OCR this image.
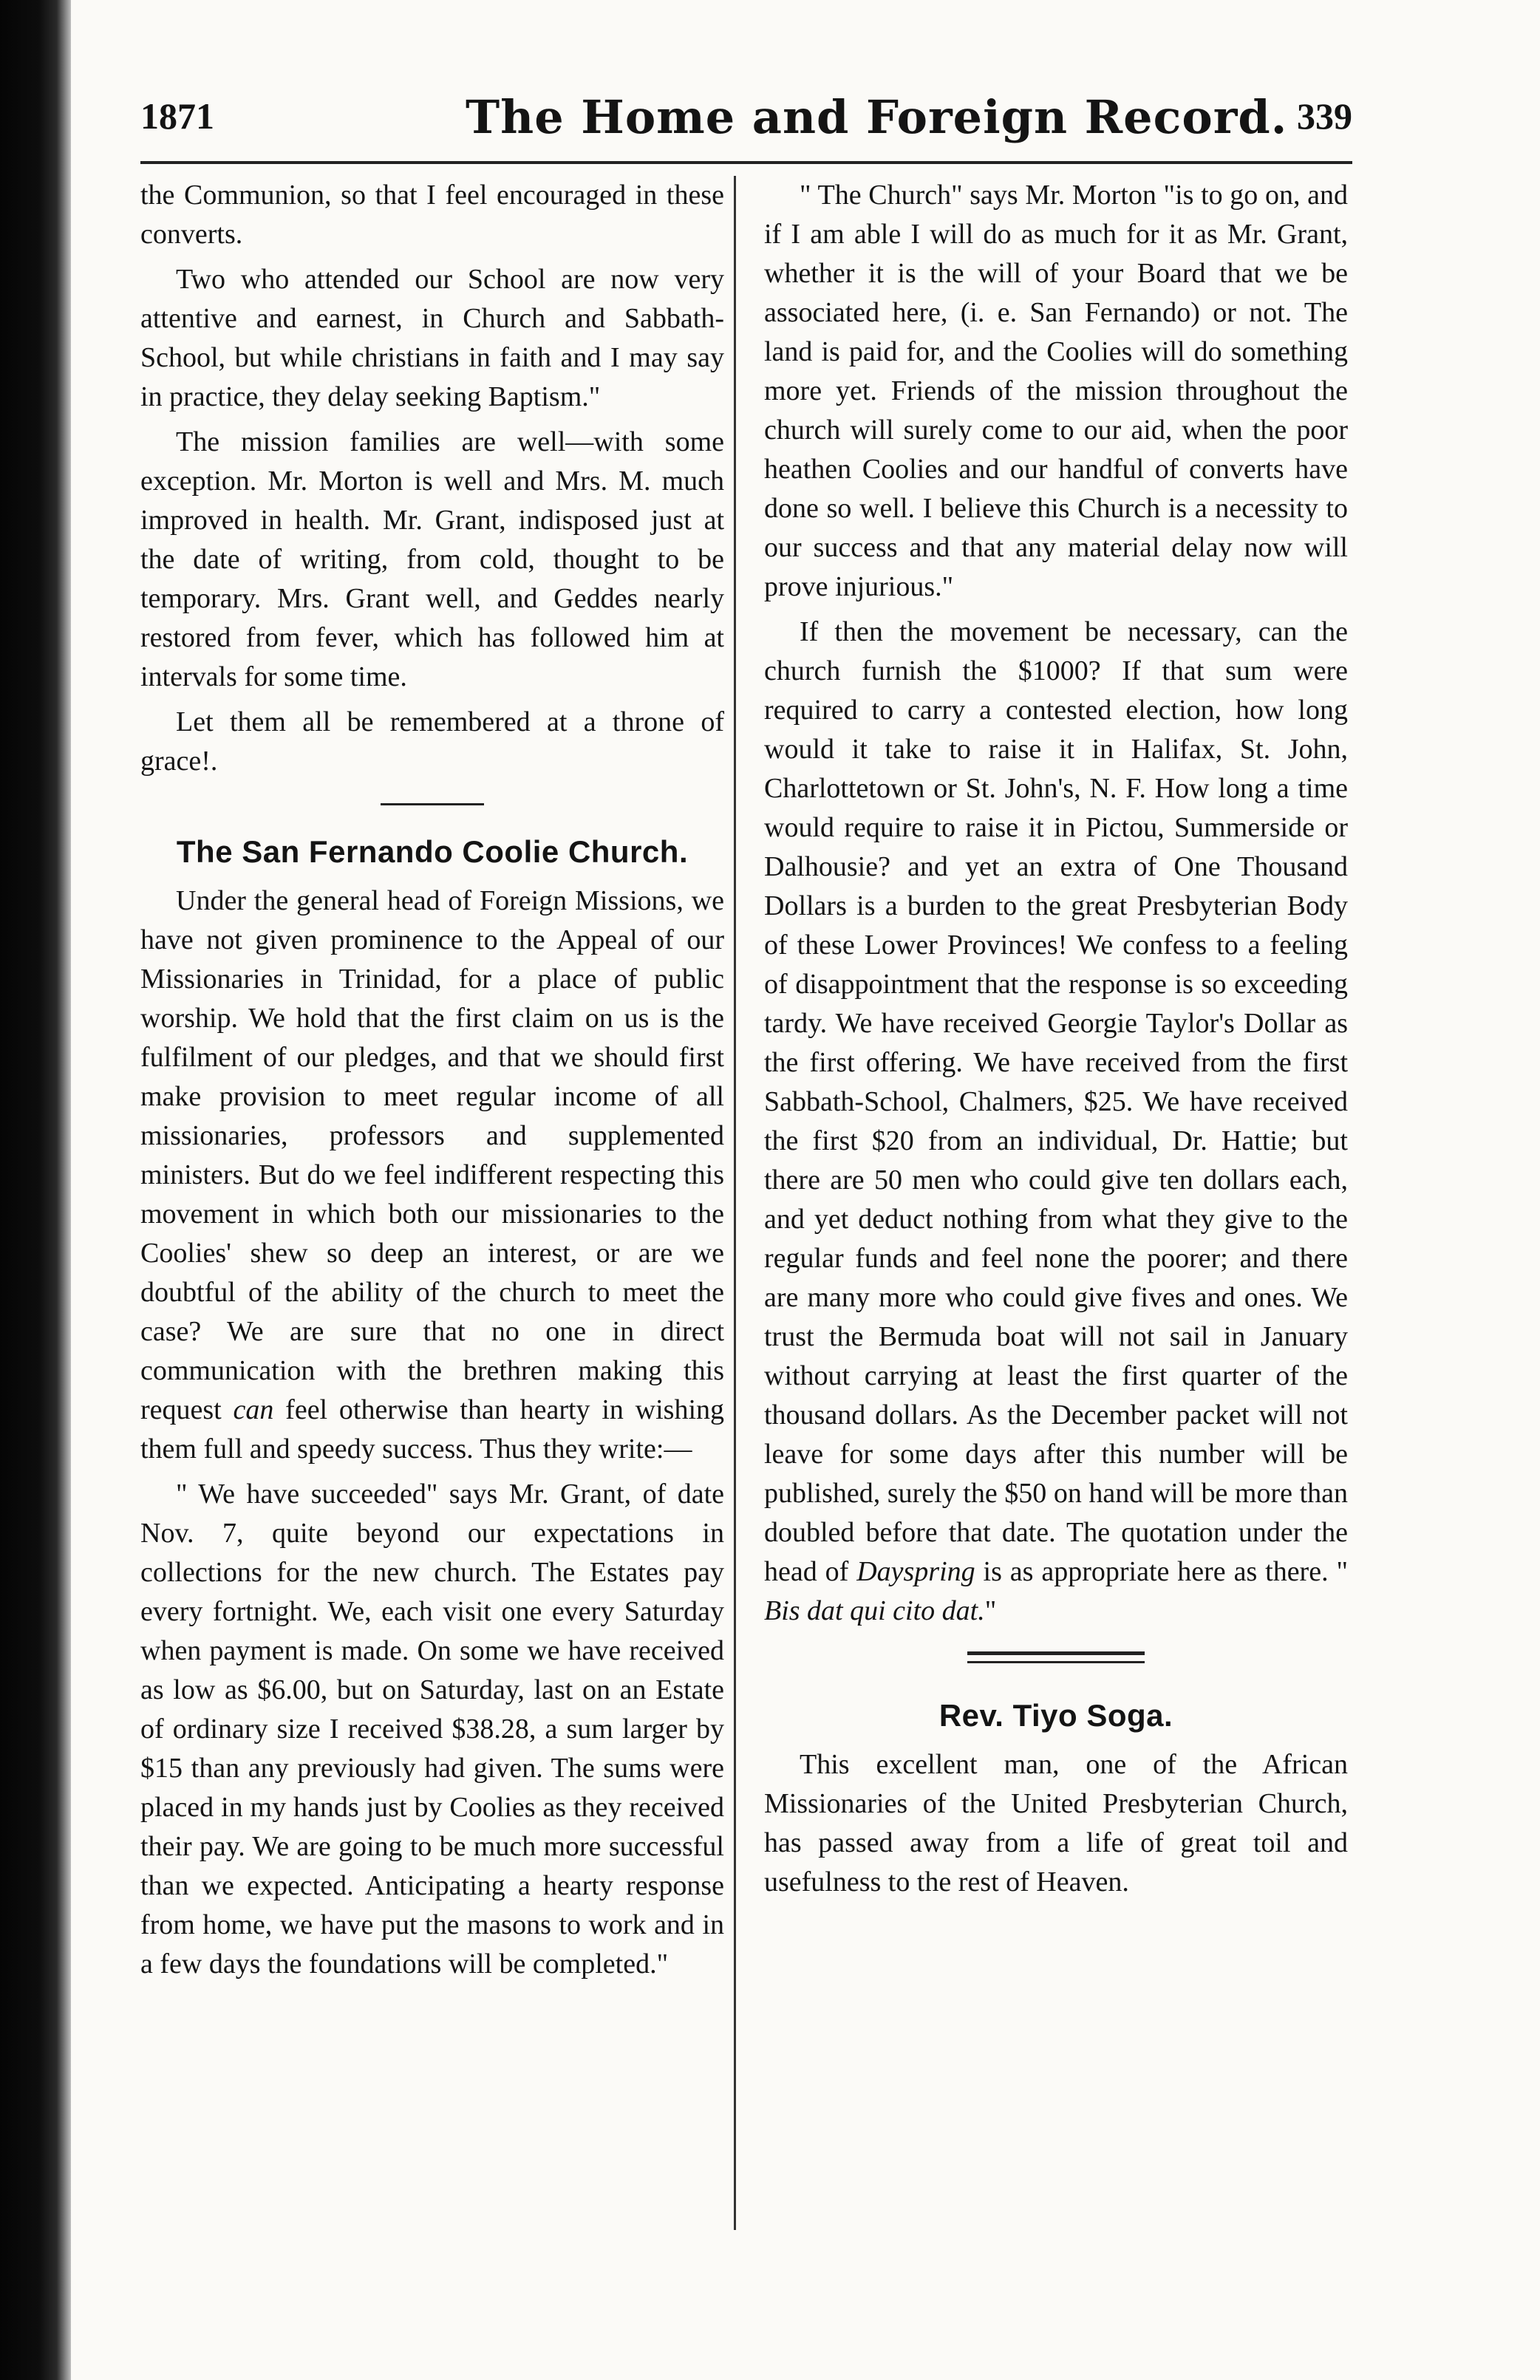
1871	The Home and Foreign Record. 339

the Communion, so that I feel encouraged in these converts.

Two who attended our School are now very attentive and earnest, in Church and Sabbath-School, but while christians in faith and I may say in practice, they delay seeking Baptism."

The mission families are well—with some exception. Mr. Morton is well and Mrs. M. much improved in health. Mr. Grant, indisposed just at the date of writing, from cold, thought to be temporary. Mrs. Grant well, and Geddes nearly restored from fever, which has followed him at intervals for some time.

Let them all be remembered at a throne of grace!.

The San Fernando Coolie Church.

Under the general head of Foreign Missions, we have not given prominence to the Appeal of our Missionaries in Trinidad, for a place of public worship. We hold that the first claim on us is the fulfilment of our pledges, and that we should first make provision to meet regular income of all missionaries, professors and supplemented ministers. But do we feel indifferent respecting this movement in which both our missionaries to the Coolies' shew so deep an interest, or are we doubtful of the ability of the church to meet the case? We are sure that no one in direct communication with the brethren making this request can feel otherwise than hearty in wishing them full and speedy success. Thus they write:—

" We have succeeded" says Mr. Grant, of date Nov. 7, quite beyond our expectations in collections for the new church. The Estates pay every fortnight. We, each visit one every Saturday when payment is made. On some we have received as low as $6.00, but on Saturday, last on an Estate of ordinary size I received $38.28, a sum larger by $15 than any previously had given. The sums were placed in my hands just by Coolies as they received their pay. We are going to be much more successful than we expected. Anticipating a hearty response from home, we have put the masons to work and in a few days the foundations will be completed."

" The Church" says Mr. Morton "is to go on, and if I am able I will do as much for it as Mr. Grant, whether it is the will of your Board that we be associated here, (i. e. San Fernando) or not. The land is paid for, and the Coolies will do something more yet. Friends of the mission throughout the church will surely come to our aid, when the poor heathen Coolies and our handful of converts have done so well. I believe this Church is a necessity to our success and that any material delay now will prove injurious."

If then the movement be necessary, can the church furnish the $1000? If that sum were required to carry a contested election, how long would it take to raise it in Halifax, St. John, Charlottetown or St. John's, N. F. How long a time would require to raise it in Pictou, Summerside or Dalhousie? and yet an extra of One Thousand Dollars is a burden to the great Presbyterian Body of these Lower Provinces! We confess to a feeling of disappointment that the response is so exceeding tardy. We have received Georgie Taylor's Dollar as the first offering. We have received from the first Sabbath-School, Chalmers, $25. We have received the first $20 from an individual, Dr. Hattie; but there are 50 men who could give ten dollars each, and yet deduct nothing from what they give to the regular funds and feel none the poorer; and there are many more who could give fives and ones. We trust the Bermuda boat will not sail in January without carrying at least the first quarter of the thousand dollars. As the December packet will not leave for some days after this number will be published, surely the $50 on hand will be more than doubled before that date. The quotation under the head of Dayspring is as appropriate here as there. " Bis dat qui cito dat."

Rev. Tiyo Soga.

This excellent man, one of the African Missionaries of the United Presbyterian Church, has passed away from a life of great toil and usefulness to the rest of Heaven.
